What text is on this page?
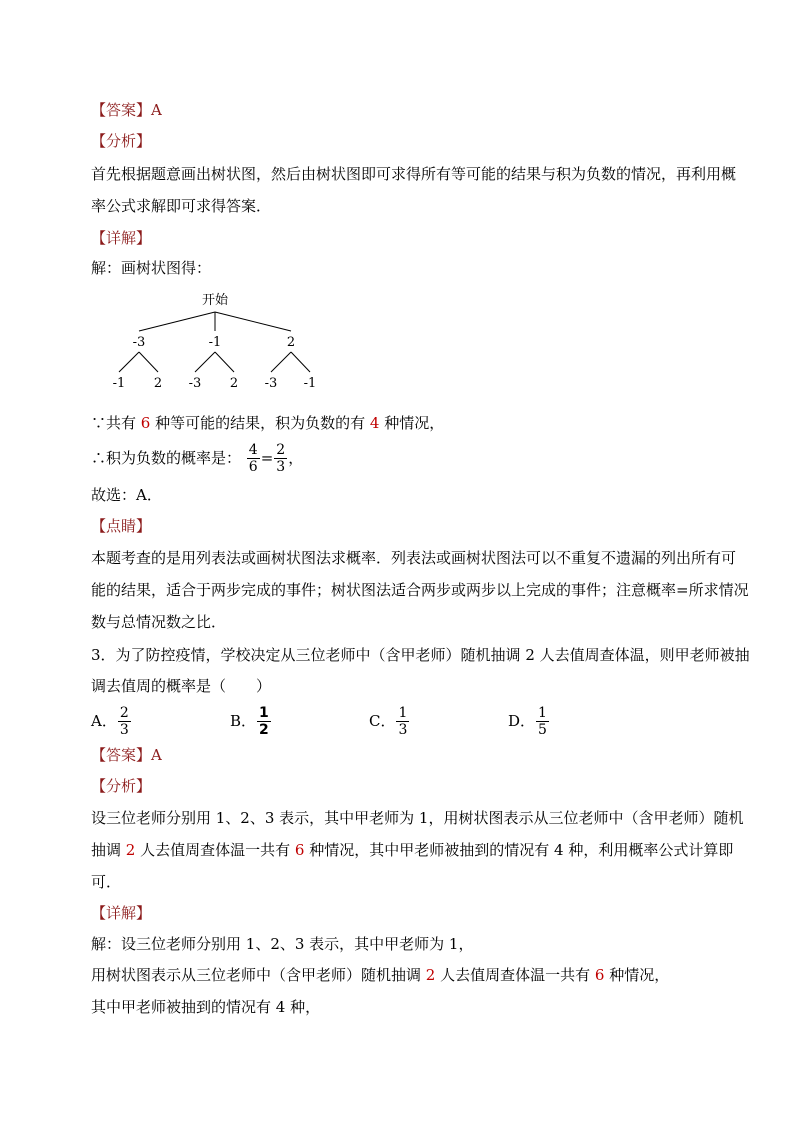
【答案】A
【分析】
首先根据题意画出树状图，然后由树状图即可求得所有等可能的结果与积为负数的情况，再利用概
率公式求解即可求得答案．
【详解】
解：画树状图得：
开始
-3	-1	2
-1	2	-3	2	-3	-1
∵共有 6 种等可能的结果，积为负数的有 4 种情况，
∴积为负数的概率是： $\frac{4}{6} = \frac{2}{3}$ ，
故选：A．
【点睛】
本题考查的是用列表法或画树状图法求概率．列表法或画树状图法可以不重复不遗漏的列出所有可
能的结果，适合于两步完成的事件；树状图法适合两步或两步以上完成的事件；注意概率=所求情况
数与总情况数之比．
3．为了防控疫情，学校决定从三位老师中（含甲老师）随机抽调 2 人去值周查体温，则甲老师被抽
调去值周的概率是（　　）
A． $\frac{2}{3}$	B． $\frac{1}{2}$	C． $\frac{1}{3}$	D． $\frac{1}{5}$
【答案】A
【分析】
设三位老师分别用 1、2、3 表示，其中甲老师为 1，用树状图表示从三位老师中（含甲老师）随机
抽调 2 人去值周查体温一共有 6 种情况，其中甲老师被抽到的情况有 4 种，利用概率公式计算即
可．
【详解】
解：设三位老师分别用 1、2、3 表示，其中甲老师为 1，
用树状图表示从三位老师中（含甲老师）随机抽调 2 人去值周查体温一共有 6 种情况，
其中甲老师被抽到的情况有 4 种，
